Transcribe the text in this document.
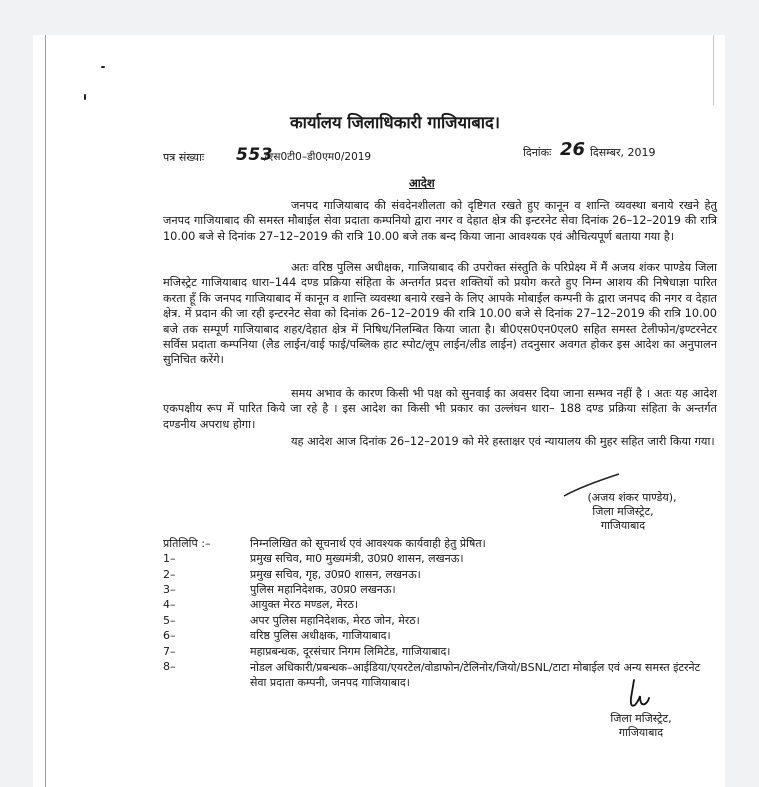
कार्यालय जिलाधिकारी गाजियाबाद।
पत्र संख्याः 553
/एस0टी0–डी0एम0/2019	दिनांकः 26 दिसम्बर, 2019
आदेश
जनपद गाजियाबाद की संवदेनशीलता को दृष्टिगत रखते हुए कानून व शान्ति व्यवस्था बनाये रखने हेतु जनपद गाजियाबाद की समस्त मौबाईल सेवा प्रदाता कम्पनियो द्वारा नगर व देहात क्षेत्र की इन्टरनेट सेवा दिनांक 26–12–2019 की रात्रि 10.00 बजे से दिनांक 27–12–2019 की रात्रि 10.00 बजे तक बन्द किया जाना आवश्यक एवं औचित्यपूर्ण बताया गया है।
अतः वरिष्ठ पुलिस अधीक्षक, गाजियाबाद की उपरोक्त संस्तुति के परिप्रेक्ष्य में मैं अजय शंकर पाण्डेय जिला मजिस्ट्रेट गाजियाबाद धारा–144 दण्ड प्रक्रिया संहिता के अन्तर्गत प्रदत्त शक्तियों को प्रयोग करते हुए निम्न आशय की निषेधाज्ञा पारित करता हूँ कि जनपद गाजियाबाद में कानून व शान्ति व्यवस्था बनाये रखने के लिए आपके मोबाईल कम्पनी के द्वारा जनपद की नगर व देहात क्षेत्र. में प्रदान की जा रही इन्टरनेट सेवा को दिनांक 26–12–2019 की रात्रि 10.00 बजे से दिनांक 27–12–2019 की रात्रि 10.00 बजे तक सम्पूर्ण गाजियाबाद शहर/देहात क्षेत्र में निषिध/निलम्बित किया जाता है। बी0एस0एन0एल0 सहित समस्त टेलीफोन/इण्टरनेटर सर्विस प्रदाता कम्पनिया (लैड लाईन/वाई फाई/पब्लिक हाट स्पोट/लूप लाईन/लीड लाईन) तदनुसार अवगत होकर इस आदेश का अनुपालन सुनिचित करेंगे।
समय अभाव के कारण किसी भी पक्ष को सुनवाई का अवसर दिया जाना सम्भव नहीं है । अतः यह आदेश एकपक्षीय रूप में पारित किये जा रहे है । इस आदेश का किसी भी प्रकार का उल्लंघन धारा– 188 दण्ड प्रक्रिया संहिता के अन्तर्गत दण्डनीय अपराध होगा।
यह आदेश आज दिनांक 26–12–2019 को मेरे हस्ताक्षर एवं न्यायालय की मुहर सहित जारी किया गया।
(अजय शंकर पाण्डेय),
जिला मजिस्ट्रेट,
गाजियाबाद
प्रतिलिपि :–	निम्नलिखित को सूचनार्थ एवं आवश्यक कार्यवाही हेतु प्रेषित।
1–	प्रमुख सचिव, मा0 मुख्यमंत्री, उ0प्र0 शासन, लखनऊ।
2–	प्रमुख सचिव, गृह, उ0प्र0 शासन, लखनऊ।
3–	पुलिस महानिदेशक, उ0प्र0 लखनऊ।
4–	आयुक्त मेरठ मण्डल, मेरठ।
5–	अपर पुलिस महानिदेशक, मेरठ जोन, मेरठ।
6–	वरिष्ठ पुलिस अधीक्षक, गाजियाबाद।
7–	महाप्रबन्धक, दूरसंचार निगम लिमिटेड, गाजियाबाद।
8–	नोडल अधिकारी/प्रबन्धक–आईडिया/एयरटेल/वोडाफोन/टेलिनोर/जियो/BSNL/टाटा मोबाईल एवं अन्य समस्त इंटरनेट सेवा प्रदाता कम्पनी, जनपद गाजियाबाद।
जिला मजिस्ट्रेट,
गाजियाबाद
